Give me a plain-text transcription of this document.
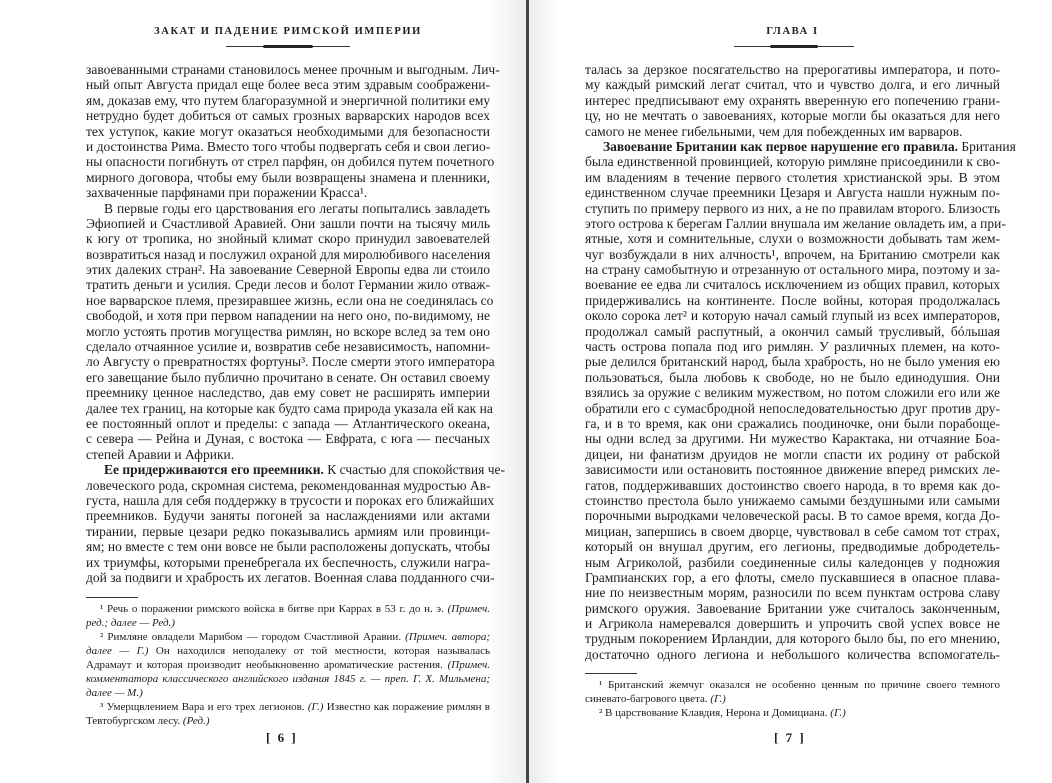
ЗАКАТ И ПАДЕНИЕ РИМСКОЙ ИМПЕРИИ
завоеванными странами становилось менее прочным и выгодным. Лич-
ный опыт Августа придал еще более веса этим здравым соображени-
ям, доказав ему, что путем благоразумной и энергичной политики ему
нетрудно будет добиться от самых грозных варварских народов всех
тех уступок, какие могут оказаться необходимыми для безопасности
и достоинства Рима. Вместо того чтобы подвергать себя и свои легио-
ны опасности погибнуть от стрел парфян, он добился путем почетного
мирного договора, чтобы ему были возвращены знамена и пленники,
захваченные парфянами при поражении Красса¹.
В первые годы его царствования его легаты попытались завладеть
Эфиопией и Счастливой Аравией. Они зашли почти на тысячу миль
к югу от тропика, но знойный климат скоро принудил завоевателей
возвратиться назад и послужил охраной для миролюбивого населения
этих далеких стран². На завоевание Северной Европы едва ли стоило
тратить деньги и усилия. Среди лесов и болот Германии жило отваж-
ное варварское племя, презиравшее жизнь, если она не соединялась со
свободой, и хотя при первом нападении на него оно, по-видимому, не
могло устоять против могущества римлян, но вскоре вслед за тем оно
сделало отчаянное усилие и, возвратив себе независимость, напомни-
ло Августу о превратностях фортуны³. После смерти этого императора
его завещание было публично прочитано в сенате. Он оставил своему
преемнику ценное наследство, дав ему совет не расширять империи
далее тех границ, на которые как будто сама природа указала ей как на
ее постоянный оплот и пределы: с запада — Атлантического океана,
с севера — Рейна и Дуная, с востока — Евфрата, с юга — песчаных
степей Аравии и Африки.
Ее придерживаются его преемники. К счастью для спокойствия че-
ловеческого рода, скромная система, рекомендованная мудростью Ав-
густа, нашла для себя поддержку в трусости и пороках его ближайших
преемников. Будучи заняты погоней за наслаждениями или актами
тирании, первые цезари редко показывались армиям или провинци-
ям; но вместе с тем они вовсе не были расположены допускать, чтобы
их триумфы, которыми пренебрегала их беспечность, служили награ-
дой за подвиги и храбрость их легатов. Военная слава подданного счи-

¹ Речь о поражении римского войска в битве при Каррах в 53 г. до н. э. (Примеч. ред.; далее — Ред.)

² Римляне овладели Марибом — городом Счастливой Аравии. (Примеч. автора; далее — Г.) Он находился неподалеку от той местности, которая называлась Адрамаут и которая производит необыкновенно ароматические растения. (Примеч. комментатора классического английского издания 1845 г. — преп. Г. Х. Мильмена; далее — М.)

³ Умерщвлением Вара и его трех легионов. (Г.) Известно как поражение римлян в Тевтобургском лесу. (Ред.)

[ 6 ]
ГЛАВА I
талась за дерзкое посягательство на прерогативы императора, и пото-
му каждый римский легат считал, что и чувство долга, и его личный
интерес предписывают ему охранять вверенную его попечению грани-
цу, но не мечтать о завоеваниях, которые могли бы оказаться для него
самого не менее гибельными, чем для побежденных им варваров.
Завоевание Британии как первое нарушение его правила. Британия
была единственной провинцией, которую римляне присоединили к сво-
им владениям в течение первого столетия христианской эры. В этом
единственном случае преемники Цезаря и Августа нашли нужным по-
ступить по примеру первого из них, а не по правилам второго. Близость
этого острова к берегам Галлии внушала им желание овладеть им, а при-
ятные, хотя и сомнительные, слухи о возможности добывать там жем-
чуг возбуждали в них алчность¹, впрочем, на Британию смотрели как
на страну самобытную и отрезанную от остального мира, поэтому и за-
воевание ее едва ли считалось исключением из общих правил, которых
придерживались на континенте. После войны, которая продолжалась
около сорока лет² и которую начал самый глупый из всех императоров,
продолжал самый распутный, а окончил самый трусливый, бóльшая
часть острова попала под иго римлян. У различных племен, на кото-
рые делился британский народ, была храбрость, но не было умения ею
пользоваться, была любовь к свободе, но не было единодушия. Они
взялись за оружие с великим мужеством, но потом сложили его или же
обратили его с сумасбродной непоследовательностью друг против дру-
га, и в то время, как они сражались поодиночке, они были порабоще-
ны одни вслед за другими. Ни мужество Карактака, ни отчаяние Боа-
дицеи, ни фанатизм друидов не могли спасти их родину от рабской
зависимости или остановить постоянное движение вперед римских ле-
гатов, поддерживавших достоинство своего народа, в то время как до-
стоинство престола было унижаемо самыми бездушными или самыми
порочными выродками человеческой расы. В то самое время, когда До-
мициан, запершись в своем дворце, чувствовал в себе самом тот страх,
который он внушал другим, его легионы, предводимые добродетель-
ным Агриколой, разбили соединенные силы каледонцев у подножия
Грампианских гор, а его флоты, смело пускавшиеся в опасное плава-
ние по неизвестным морям, разносили по всем пунктам острова славу
римского оружия. Завоевание Британии уже считалось законченным,
и Агрикола намеревался довершить и упрочить свой успех вовсе не
трудным покорением Ирландии, для которого было бы, по его мнению,
достаточно одного легиона и небольшого количества вспомогатель-

¹ Британский жемчуг оказался не особенно ценным по причине своего темного синевато-багрового цвета. (Г.)

² В царствование Клавдия, Нерона и Домициана. (Г.)

[ 7 ]
